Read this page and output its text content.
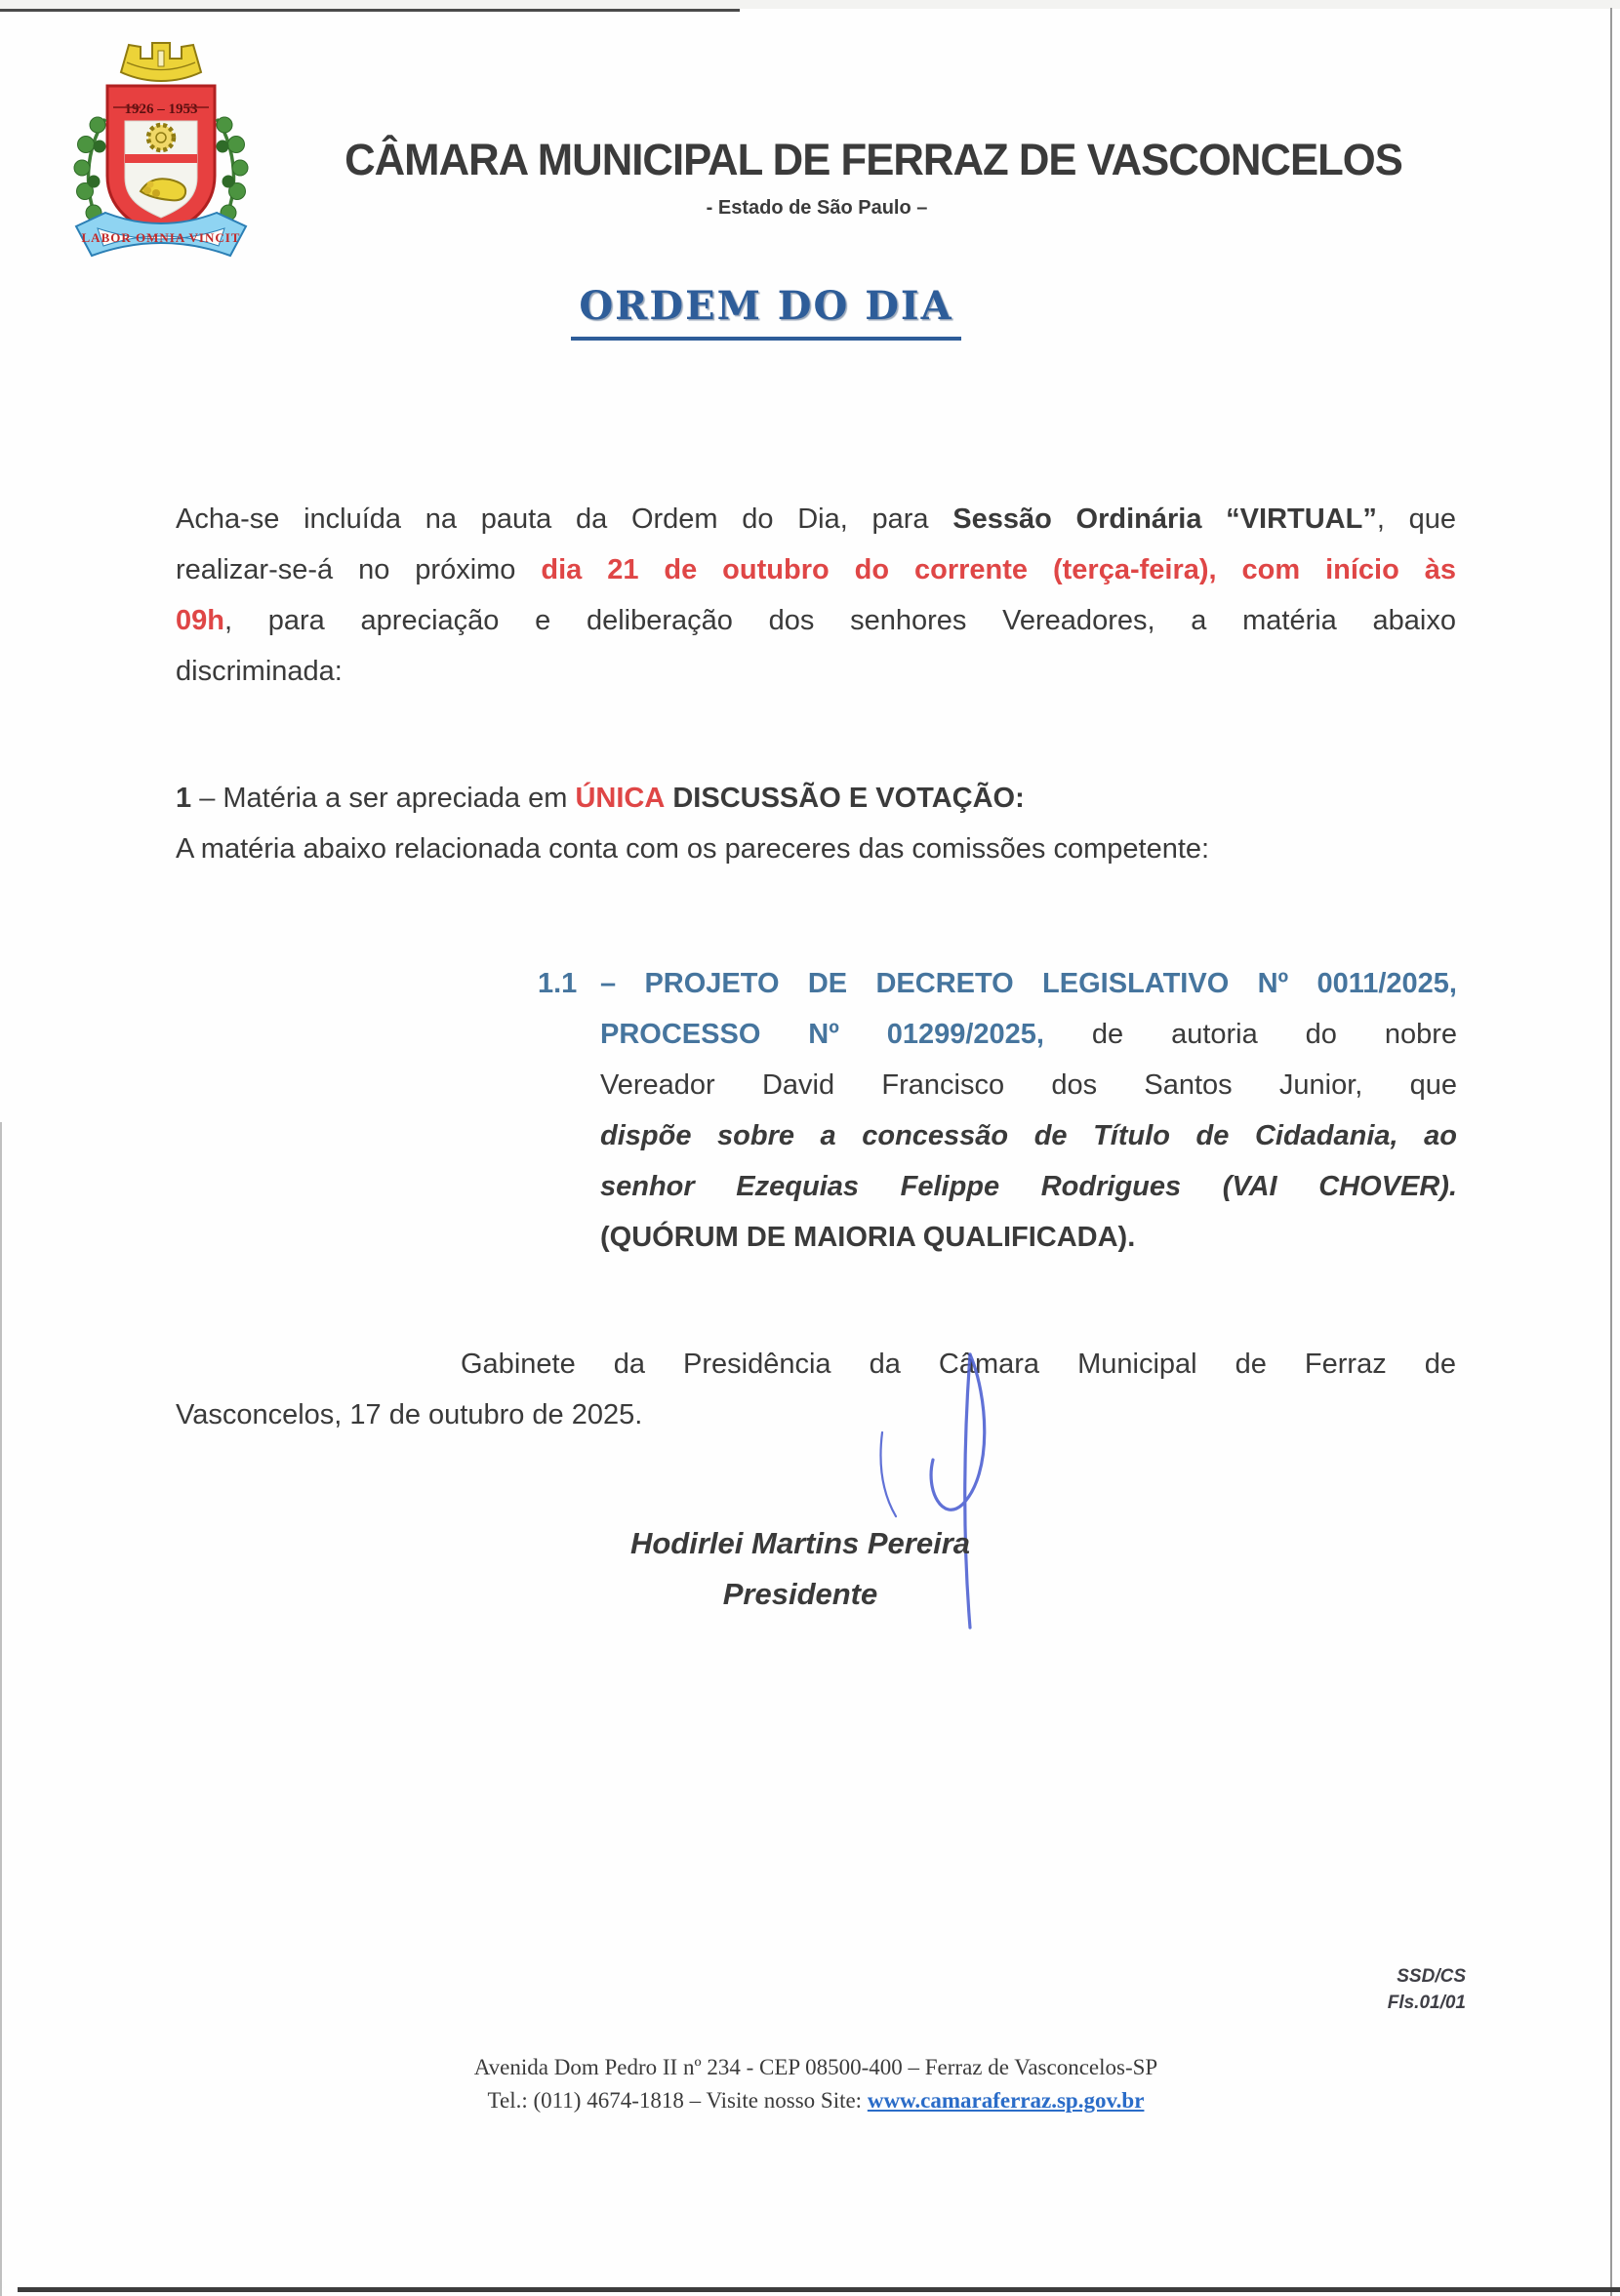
1926 – 1953
LABOR OMNIA VINCIT
CÂMARA MUNICIPAL DE FERRAZ DE VASCONCELOS
- Estado de São Paulo –
ORDEM DO DIA
Acha-se incluída na pauta da Ordem do Dia, para Sessão Ordinária “VIRTUAL”, que
realizar-se-á no próximo dia 21 de outubro do corrente (terça-feira), com início às
09h, para apreciação e deliberação dos senhores Vereadores, a matéria abaixo
discriminada:
1 – Matéria a ser apreciada em ÚNICA DISCUSSÃO E VOTAÇÃO:
A matéria abaixo relacionada conta com os pareceres das comissões competente:
1.1 – PROJETO DE DECRETO LEGISLATIVO Nº 0011/2025,
PROCESSO Nº 01299/2025, de autoria do nobre
Vereador David Francisco dos Santos Junior, que
dispõe sobre a concessão de Título de Cidadania, ao
senhor Ezequias Felippe Rodrigues (VAI CHOVER).
(QUÓRUM DE MAIORIA QUALIFICADA).
Gabinete da Presidência da Câmara Municipal de Ferraz de
Vasconcelos, 17 de outubro de 2025.
Hodirlei Martins Pereira
Presidente
SSD/CS
Fls.01/01
Avenida Dom Pedro II nº 234 - CEP 08500-400 – Ferraz de Vasconcelos-SP
Tel.: (011) 4674-1818 – Visite nosso Site: www.camaraferraz.sp.gov.br
